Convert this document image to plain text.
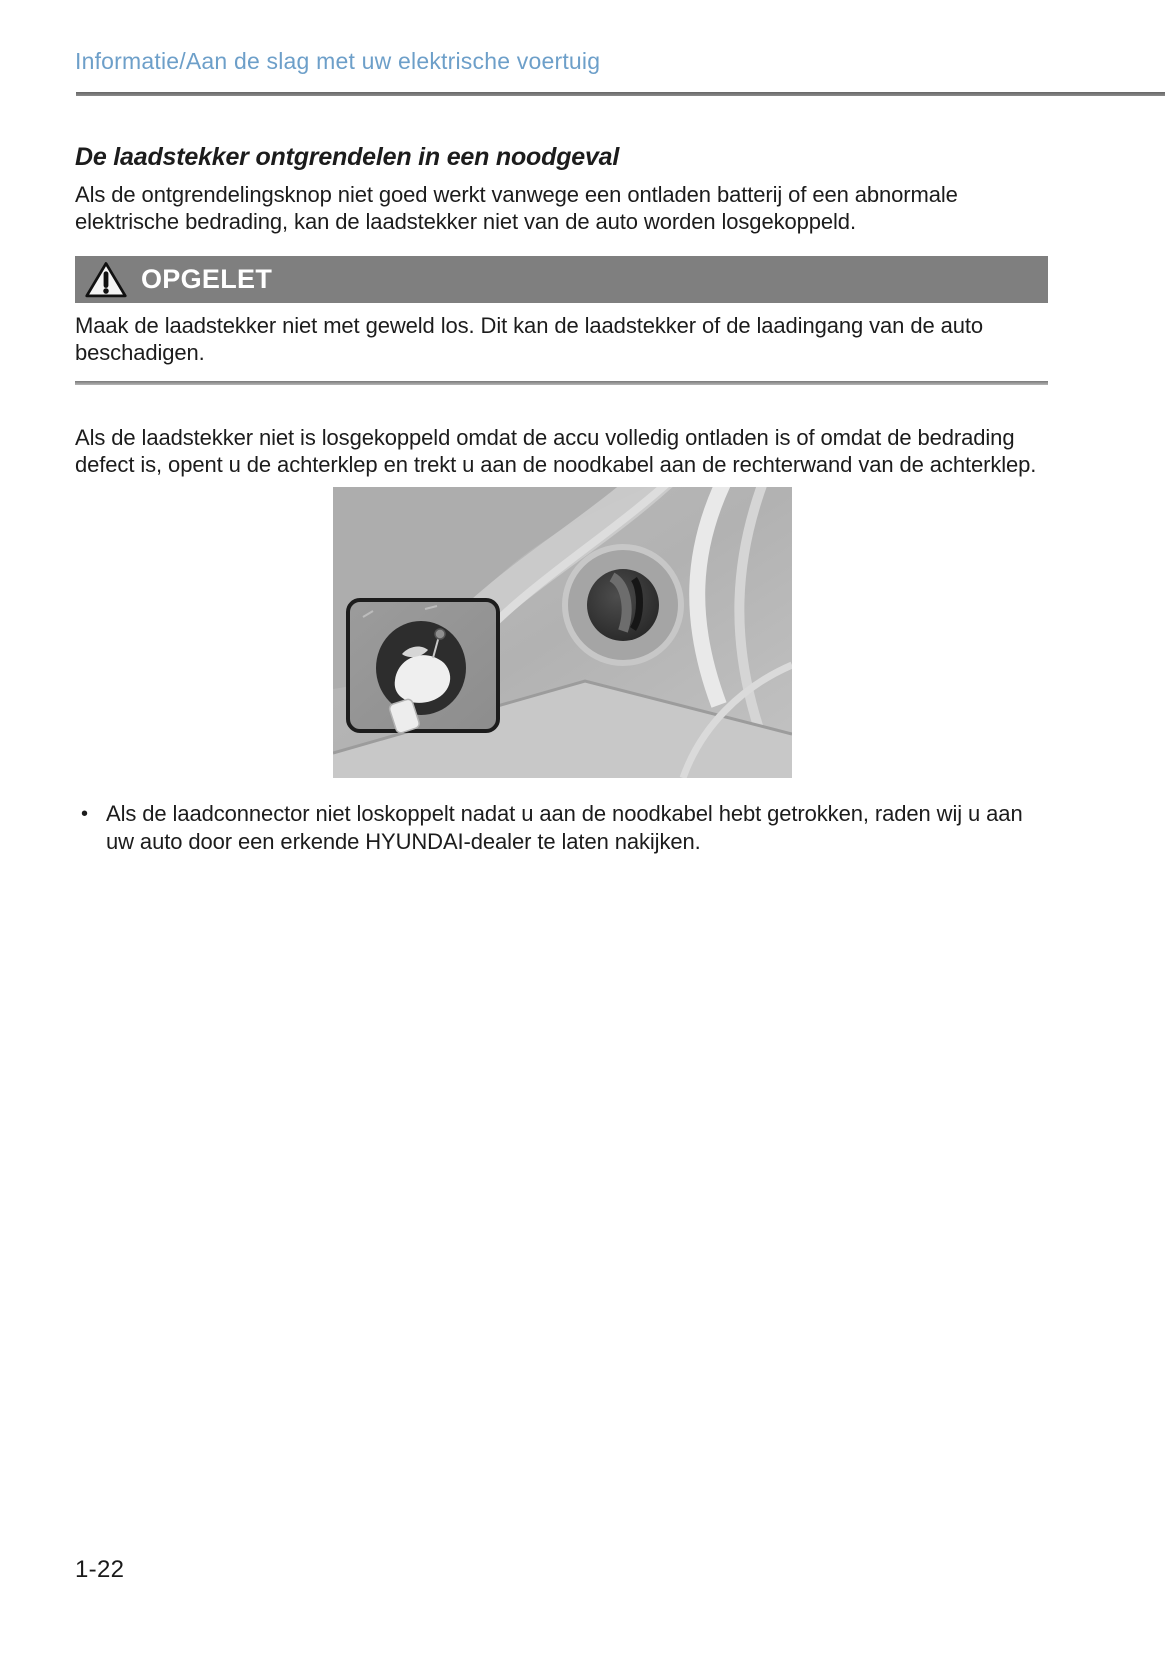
Informatie/Aan de slag met uw elektrische voertuig
De laadstekker ontgrendelen in een noodgeval

Als de ontgrendelingsknop niet goed werkt vanwege een ontladen batterij of een abnormale elektrische bedrading, kan de laadstekker niet van de auto worden losgekoppeld.

OPGELET

Maak de laadstekker niet met geweld los. Dit kan de laadstekker of de laadingang van de auto beschadigen.

Als de laadstekker niet is losgekoppeld omdat de accu volledig ontladen is of omdat de bedrading defect is, opent u de achterklep en trekt u aan de noodkabel aan de rechterwand van de achterklep.

• Als de laadconnector niet loskoppelt nadat u aan de noodkabel hebt getrokken, raden wij u aan uw auto door een erkende HYUNDAI-dealer te laten nakijken.
1-22
